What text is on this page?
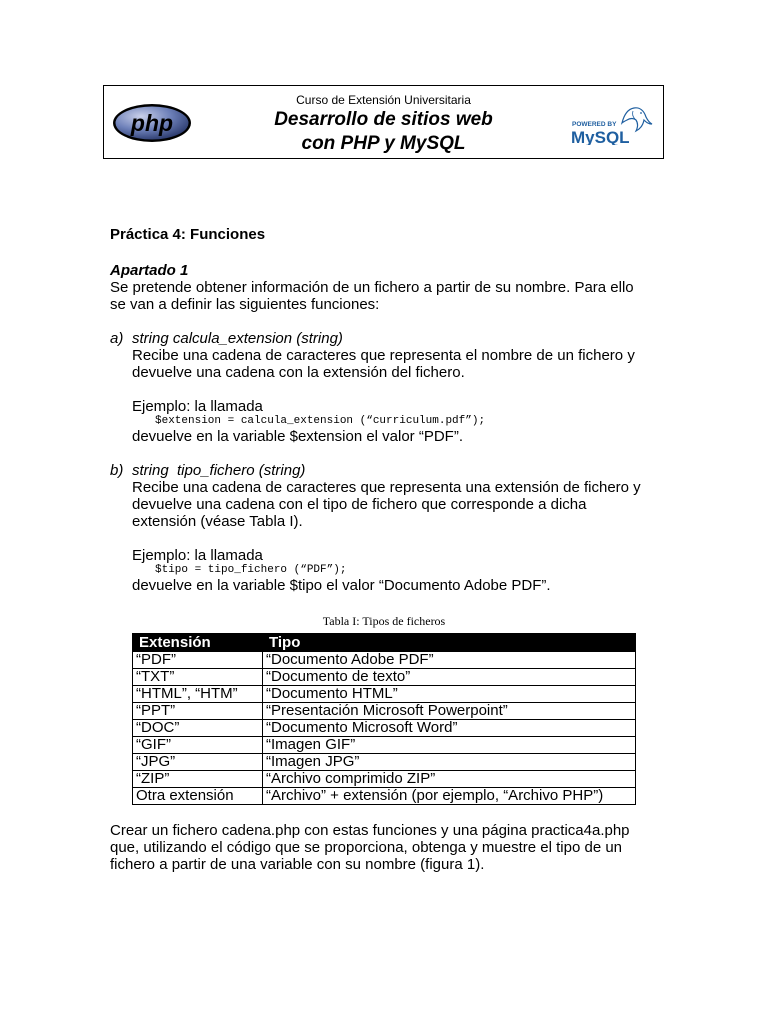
php
Curso de Extensión Universitaria
Desarrollo de sitios web
con PHP y MySQL
POWERED BY
MySQL

Práctica 4: Funciones

Apartado 1

Se pretende obtener información de un fichero a partir de su nombre. Para ello

se van a definir las siguientes funciones:

a) string calcula_extension (string)

Recibe una cadena de caracteres que representa el nombre de un fichero y

devuelve una cadena con la extensión del fichero.

Ejemplo: la llamada

$extension = calcula_extension (“curriculum.pdf”);

devuelve en la variable $extension el valor “PDF”.

b) string  tipo_fichero (string)

Recibe una cadena de caracteres que representa una extensión de fichero y

devuelve una cadena con el tipo de fichero que corresponde a dicha

extensión (véase Tabla I).

Ejemplo: la llamada

$tipo = tipo_fichero (“PDF”);

devuelve en la variable $tipo el valor “Documento Adobe PDF”.

Tabla I: Tipos de ficheros
Extensión	Tipo
“PDF”	“Documento Adobe PDF”
“TXT”	“Documento de texto”
“HTML”, “HTM”	“Documento HTML”
“PPT”	“Presentación Microsoft Powerpoint”
“DOC”	“Documento Microsoft Word”
“GIF”	“Imagen GIF”
“JPG”	“Imagen JPG”
“ZIP”	“Archivo comprimido ZIP”
Otra extensión	“Archivo” + extensión (por ejemplo, “Archivo PHP”)

Crear un fichero cadena.php con estas funciones y una página practica4a.php

que, utilizando el código que se proporciona, obtenga y muestre el tipo de un

fichero a partir de una variable con su nombre (figura 1).
